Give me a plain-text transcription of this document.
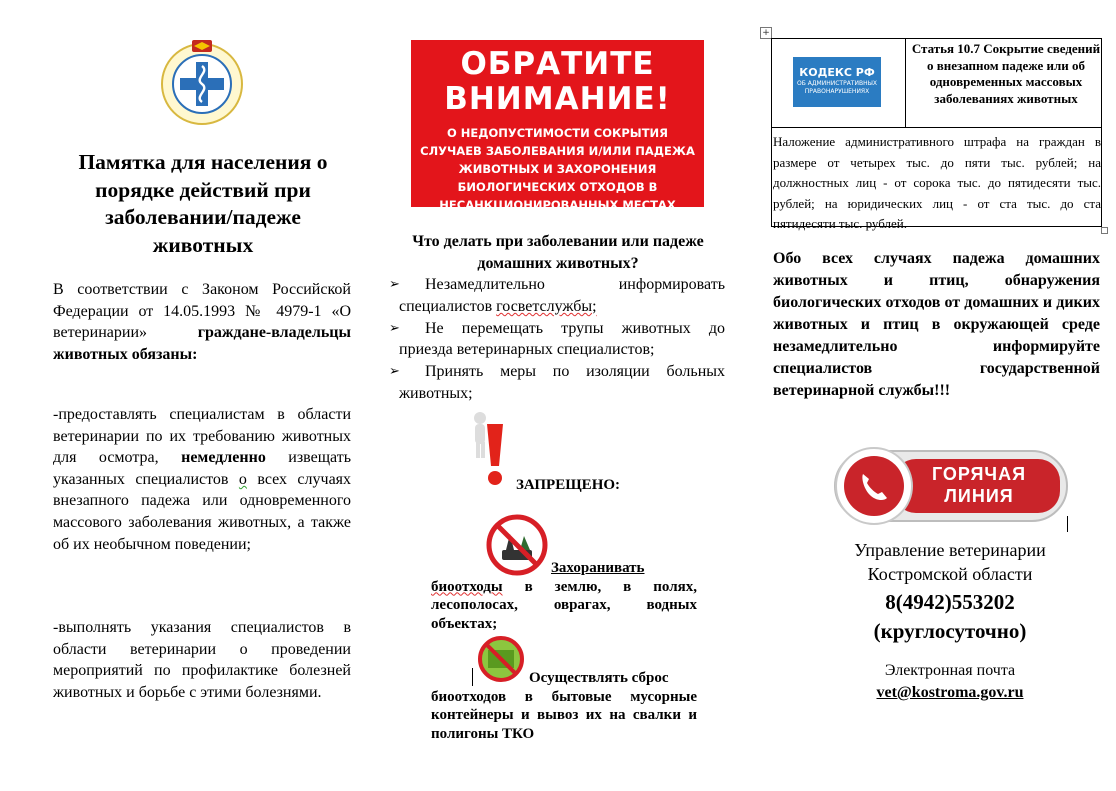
Памятка для населения о порядке действий при заболевании/падеже животных

В соответствии с Законом Российской Федерации от 14.05.1993 № 4979-1 «О ветеринарии»	граждане-владельцы животных обязаны:

-предоставлять специалистам в области ветеринарии по их требованию животных для осмотра, немедленно извещать указанных специалистов о всех случаях внезапного падежа или одновременного массового заболевания животных, а также об их необычном поведении;

-выполнять указания специалистов в области ветеринарии о проведении мероприятий по профилактике болезней животных и борьбе с этими болезнями.

ОБРАТИТЕ
ВНИМАНИЕ!
О НЕДОПУСТИМОСТИ СОКРЫТИЯ СЛУЧАЕВ ЗАБОЛЕВАНИЯ И/ИЛИ ПАДЕЖА ЖИВОТНЫХ И ЗАХОРОНЕНИЯ БИОЛОГИЧЕСКИХ ОТХОДОВ В НЕСАНКЦИОНИРОВАННЫХ МЕСТАХ
Что делать при заболевании или падеже домашних животных?
➢ Незамедлительно информировать специалистов госветслужбы;
➢ Не перемещать трупы животных до приезда ветеринарных специалистов;
➢ Принять меры по изоляции больных животных;
ЗАПРЕЩЕНО:
Захоранивать
биоотходы в землю, в полях, лесополосах, оврагах, водных объектах;
Осуществлять сброс
биоотходов в бытовые мусорные контейнеры и вывоз их на свалки и полигоны ТКО
+
КОДЕКС РФ
ОБ АДМИНИСТРАТИВНЫХ ПРАВОНАРУШЕНИЯХ
Статья 10.7 Сокрытие сведений о внезапном падеже или об одновременных массовых заболеваниях животных
Наложение административного штрафа на граждан в размере от четырех тыс. до пяти тыс. рублей; на должностных лиц - от сорока тыс. до пятидесяти тыс. рублей; на юридических лиц - от ста тыс. до ста пятидесяти тыс. рублей.
Обо всех случаях падежа домашних животных и птиц, обнаружения биологических отходов от домашних и диких животных и птиц в окружающей среде незамедлительно информируйте специалистов государственной ветеринарной службы!!!
ГОРЯЧАЯ
ЛИНИЯ
Управление ветеринарии
Костромской области
8(4942)553202
(круглосуточно)
Электронная почта
vet@kostroma.gov.ru
